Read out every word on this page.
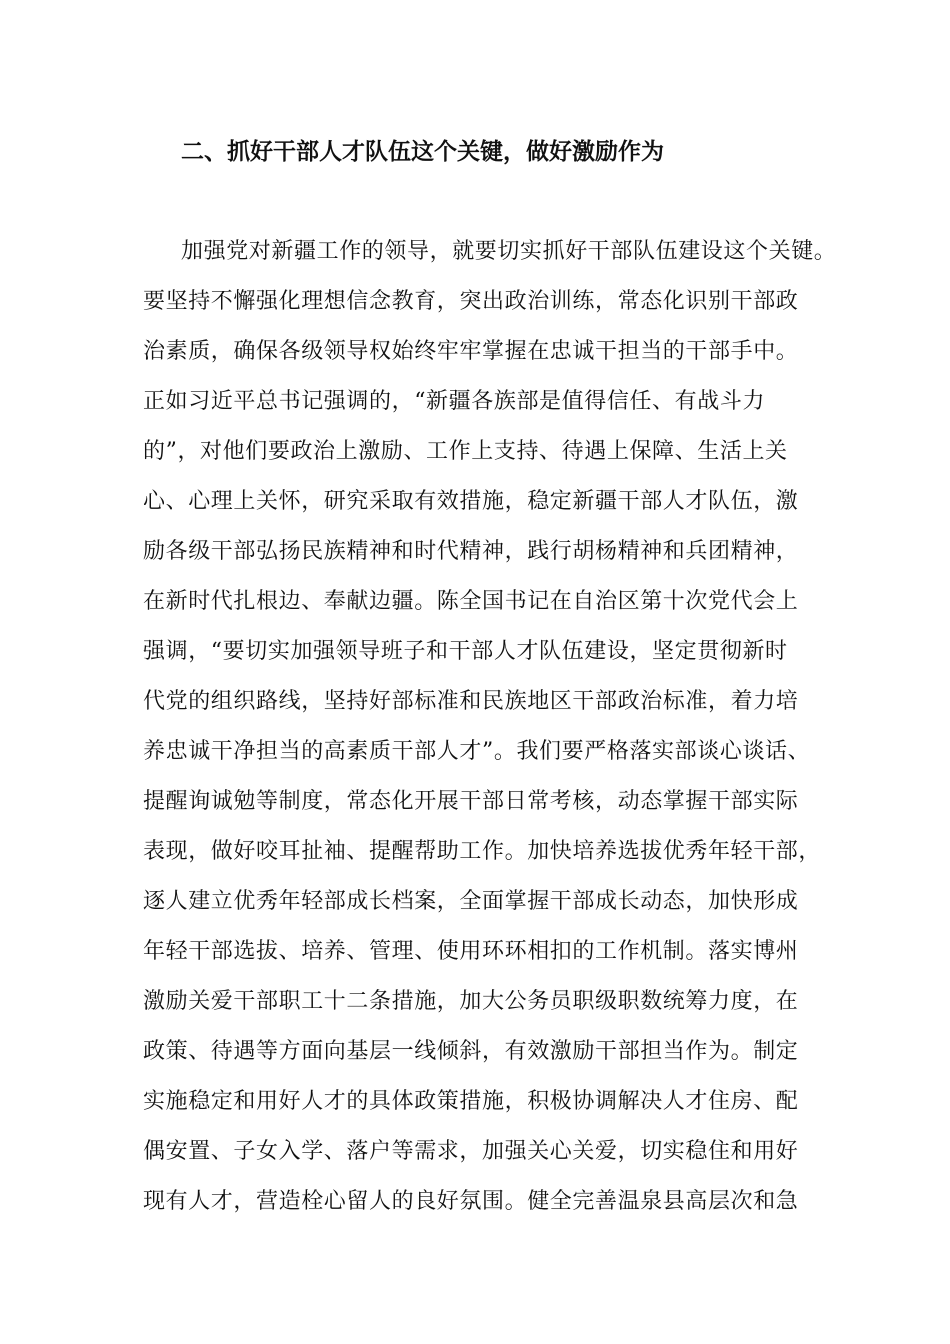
二、抓好干部人才队伍这个关键，做好激励作为
加强党对新疆工作的领导，就要切实抓好干部队伍建设这个关键。
要坚持不懈强化理想信念教育，突出政治训练，常态化识别干部政
治素质，确保各级领导权始终牢牢掌握在忠诚干担当的干部手中。
正如习近平总书记强调的，“新疆各族部是值得信任、有战斗力
的”，对他们要政治上激励、工作上支持、待遇上保障、生活上关
心、心理上关怀，研究采取有效措施，稳定新疆干部人才队伍，激
励各级干部弘扬民族精神和时代精神，践行胡杨精神和兵团精神，
在新时代扎根边、奉献边疆。陈全国书记在自治区第十次党代会上
强调，“要切实加强领导班子和干部人才队伍建设，坚定贯彻新时
代党的组织路线，坚持好部标准和民族地区干部政治标准，着力培
养忠诚干净担当的高素质干部人才”。我们要严格落实部谈心谈话、
提醒询诚勉等制度，常态化开展干部日常考核，动态掌握干部实际
表现，做好咬耳扯袖、提醒帮助工作。加快培养选拔优秀年轻干部，
逐人建立优秀年轻部成长档案，全面掌握干部成长动态，加快形成
年轻干部选拔、培养、管理、使用环环相扣的工作机制。落实博州
激励关爱干部职工十二条措施，加大公务员职级职数统筹力度，在
政策、待遇等方面向基层一线倾斜，有效激励干部担当作为。制定
实施稳定和用好人才的具体政策措施，积极协调解决人才住房、配
偶安置、子女入学、落户等需求，加强关心关爱，切实稳住和用好
现有人才，营造栓心留人的良好氛围。健全完善温泉县高层次和急
